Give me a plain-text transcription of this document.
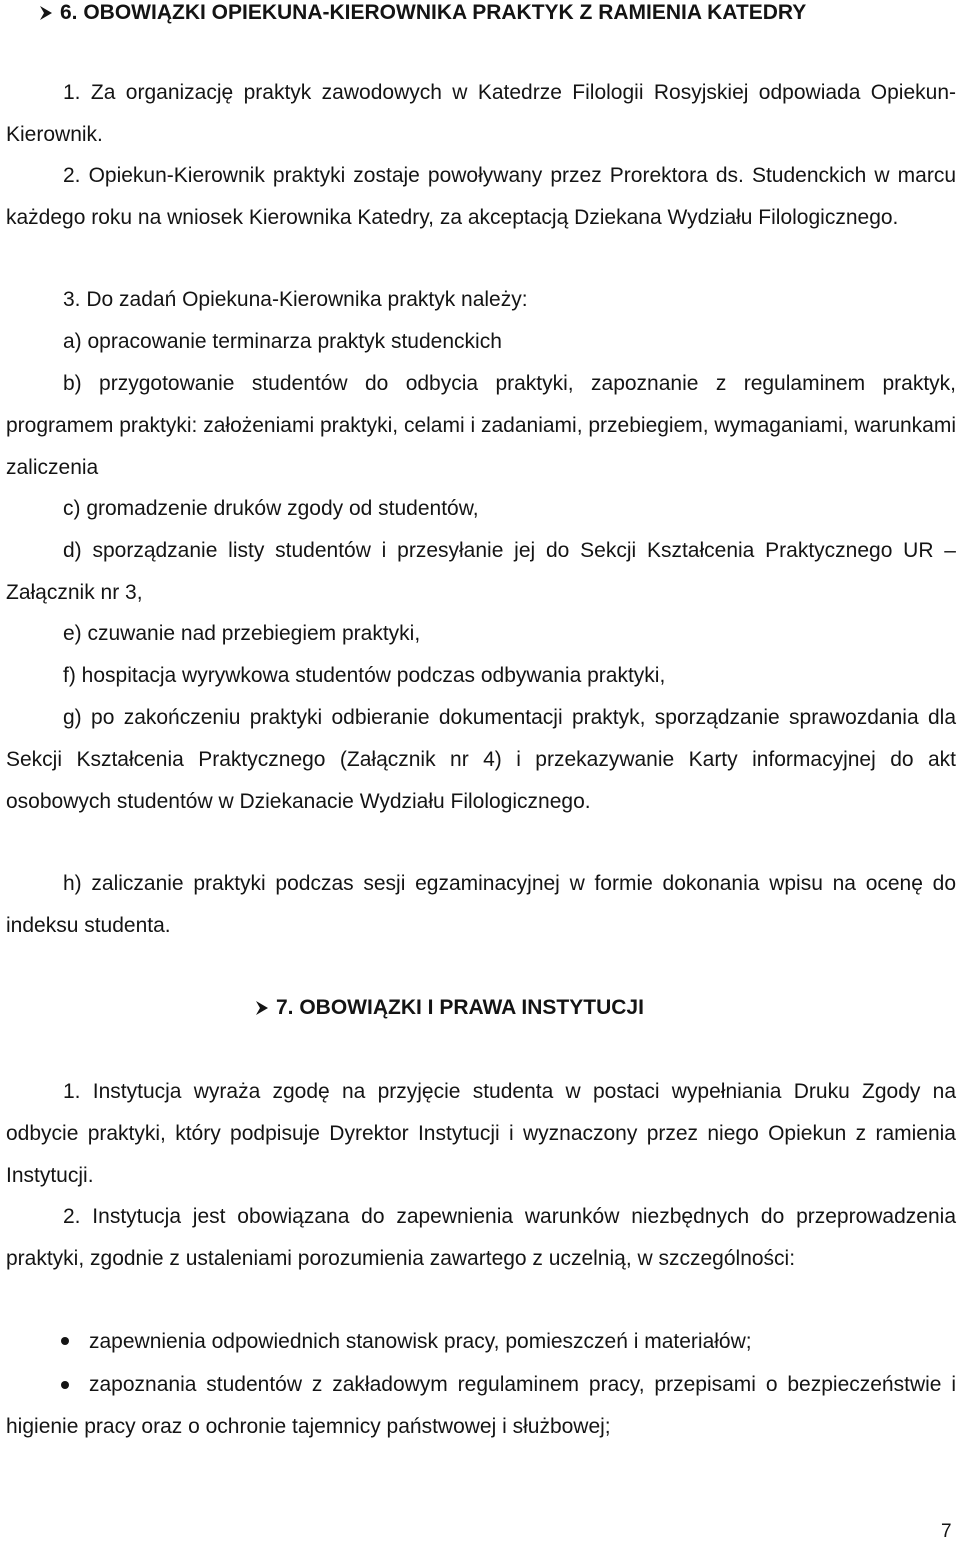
6. OBOWIĄZKI OPIEKUNA-KIEROWNIKA PRAKTYK Z RAMIENIA KATEDRY

1. Za organizację praktyk zawodowych w Katedrze Filologii Rosyjskiej odpowiada Opiekun-Kierownik.

2. Opiekun-Kierownik praktyki zostaje powoływany przez Prorektora ds. Studenckich w marcu każdego roku na wniosek Kierownika Katedry, za akceptacją Dziekana Wydziału Filologicznego.

3. Do zadań Opiekuna-Kierownika praktyk należy:

a) opracowanie terminarza praktyk studenckich

b) przygotowanie studentów do odbycia praktyki, zapoznanie z regulaminem praktyk, programem praktyki: założeniami praktyki, celami i zadaniami, przebiegiem, wymaganiami, warunkami zaliczenia

c) gromadzenie druków zgody od studentów,

d) sporządzanie listy studentów i przesyłanie jej do Sekcji Kształcenia Praktycznego UR – Załącznik nr 3,

e) czuwanie nad przebiegiem praktyki,

f) hospitacja wyrywkowa studentów podczas odbywania praktyki,

g) po zakończeniu praktyki odbieranie dokumentacji praktyk, sporządzanie sprawozdania dla Sekcji Kształcenia Praktycznego (Załącznik nr 4) i przekazywanie Karty informacyjnej do akt osobowych studentów w Dziekanacie Wydziału Filologicznego.

h) zaliczanie praktyki podczas sesji egzaminacyjnej w formie dokonania wpisu na ocenę do indeksu studenta.

7. OBOWIĄZKI I PRAWA INSTYTUCJI

1. Instytucja wyraża zgodę na przyjęcie studenta w postaci wypełniania Druku Zgody na odbycie praktyki, który podpisuje Dyrektor Instytucji i wyznaczony przez niego Opiekun z ramienia Instytucji.

2. Instytucja jest obowiązana do zapewnienia warunków niezbędnych do przeprowadzenia praktyki, zgodnie z ustaleniami porozumienia zawartego z uczelnią, w szczególności:

zapewnienia odpowiednich stanowisk pracy, pomieszczeń i materiałów;

zapoznania studentów z zakładowym regulaminem pracy, przepisami o bezpieczeństwie i higienie pracy oraz o ochronie tajemnicy państwowej i służbowej;

7
